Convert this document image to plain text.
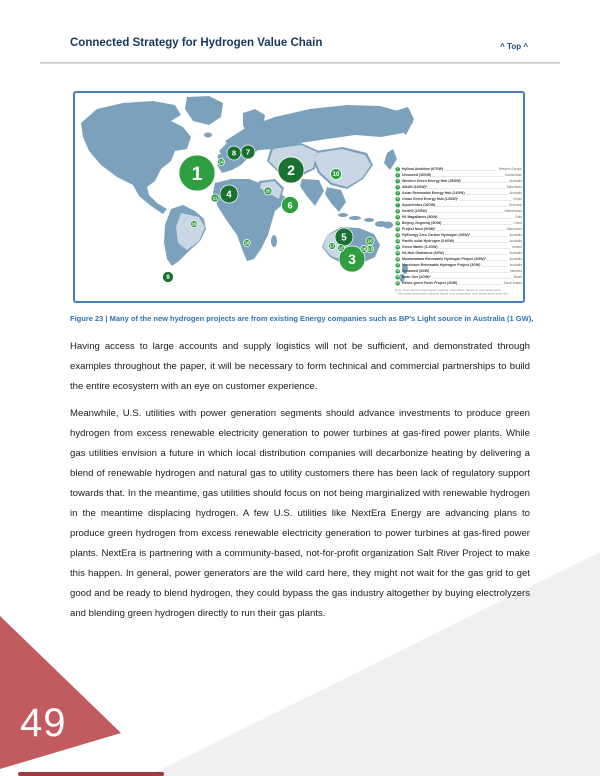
Connected Strategy for Hydrogen Value Chain	^ Top ^
1	2
3
4
5
6
7
8
9
10
11
12	13
14
15
16
17
18
19
20
1 HyDeal Ambition (67GW)	Western Europe
2 Unnamed (30GW)	Kazakhstan
3 Western Green Energy Hub (28GW)	Australia
4 AMAN (16GW)*	Mauritania
5 Asian Renewable Energy Hub (14GW)	Australia
6 Oman Green Energy Hub (14GW)*	Oman
7 AquaVentus (10GW)	Germany
8 NortH2 (10GW)	Netherlands
9 H2 Magallanes (8GW)	Chile
10 Beijing Jingneng (5GW)	China
11 Project Nour (5GW)*	Mauritania
12 HyEnergy Zero Carbon Hydrogen (4GW)*	Australia
13 Pacific solar Hydrogen (3.6GW)	Australia
14 Green Marlin (3.2GW)	Ireland
15 H2-Hub Gladstone (3GW)	Australia
16 Moolawatana Renewable Hydrogen Project (3GW)*	Australia
17 Murchison Renewable Hydrogen Project (3GW)	Australia
18 Unnamed (3GW)	Namibia
19 Base One (2GW)*	Brazil
20 Helios green Fuels Project (2GW)	Saudi Arabia
Note: Size refers to electrolyser capacity. Information based on announcements.
*: Estimated electrolyser capacity based on a comparison with similar-sized schemes.
Figure 23 | Many of the new hydrogen projects are from existing Energy companies such as BP's Light source in Australia (1 GW),

Having access to large accounts and supply logistics will not be sufficient, and demonstrated through examples throughout the paper, it will be necessary to form technical and commercial partnerships to build the entire ecosystem with an eye on customer experience.

Meanwhile, U.S. utilities with power generation segments should advance investments to produce green hydrogen from excess renewable electricity generation to power turbines at gas-fired power plants. While gas utilities envision a future in which local distribution companies will decarbonize heating by delivering a blend of renewable hydrogen and natural gas to utility customers there has been lack of regulatory support towards that. In the meantime, gas utilities should focus on not being marginalized with renewable hydrogen in the meantime displacing hydrogen. A few U.S. utilities like NextEra Energy are advancing plans to produce green hydrogen from excess renewable electricity generation to power turbines at gas-fired power plants. NextEra is partnering with a community-based, not-for-profit organization Salt River Project to make this happen. In general, power generators are the wild card here, they might not wait for the gas grid to get good and be ready to blend hydrogen, they could bypass the gas industry altogether by buying electrolyzers and blending green hydrogen directly to run their gas plants.

49
